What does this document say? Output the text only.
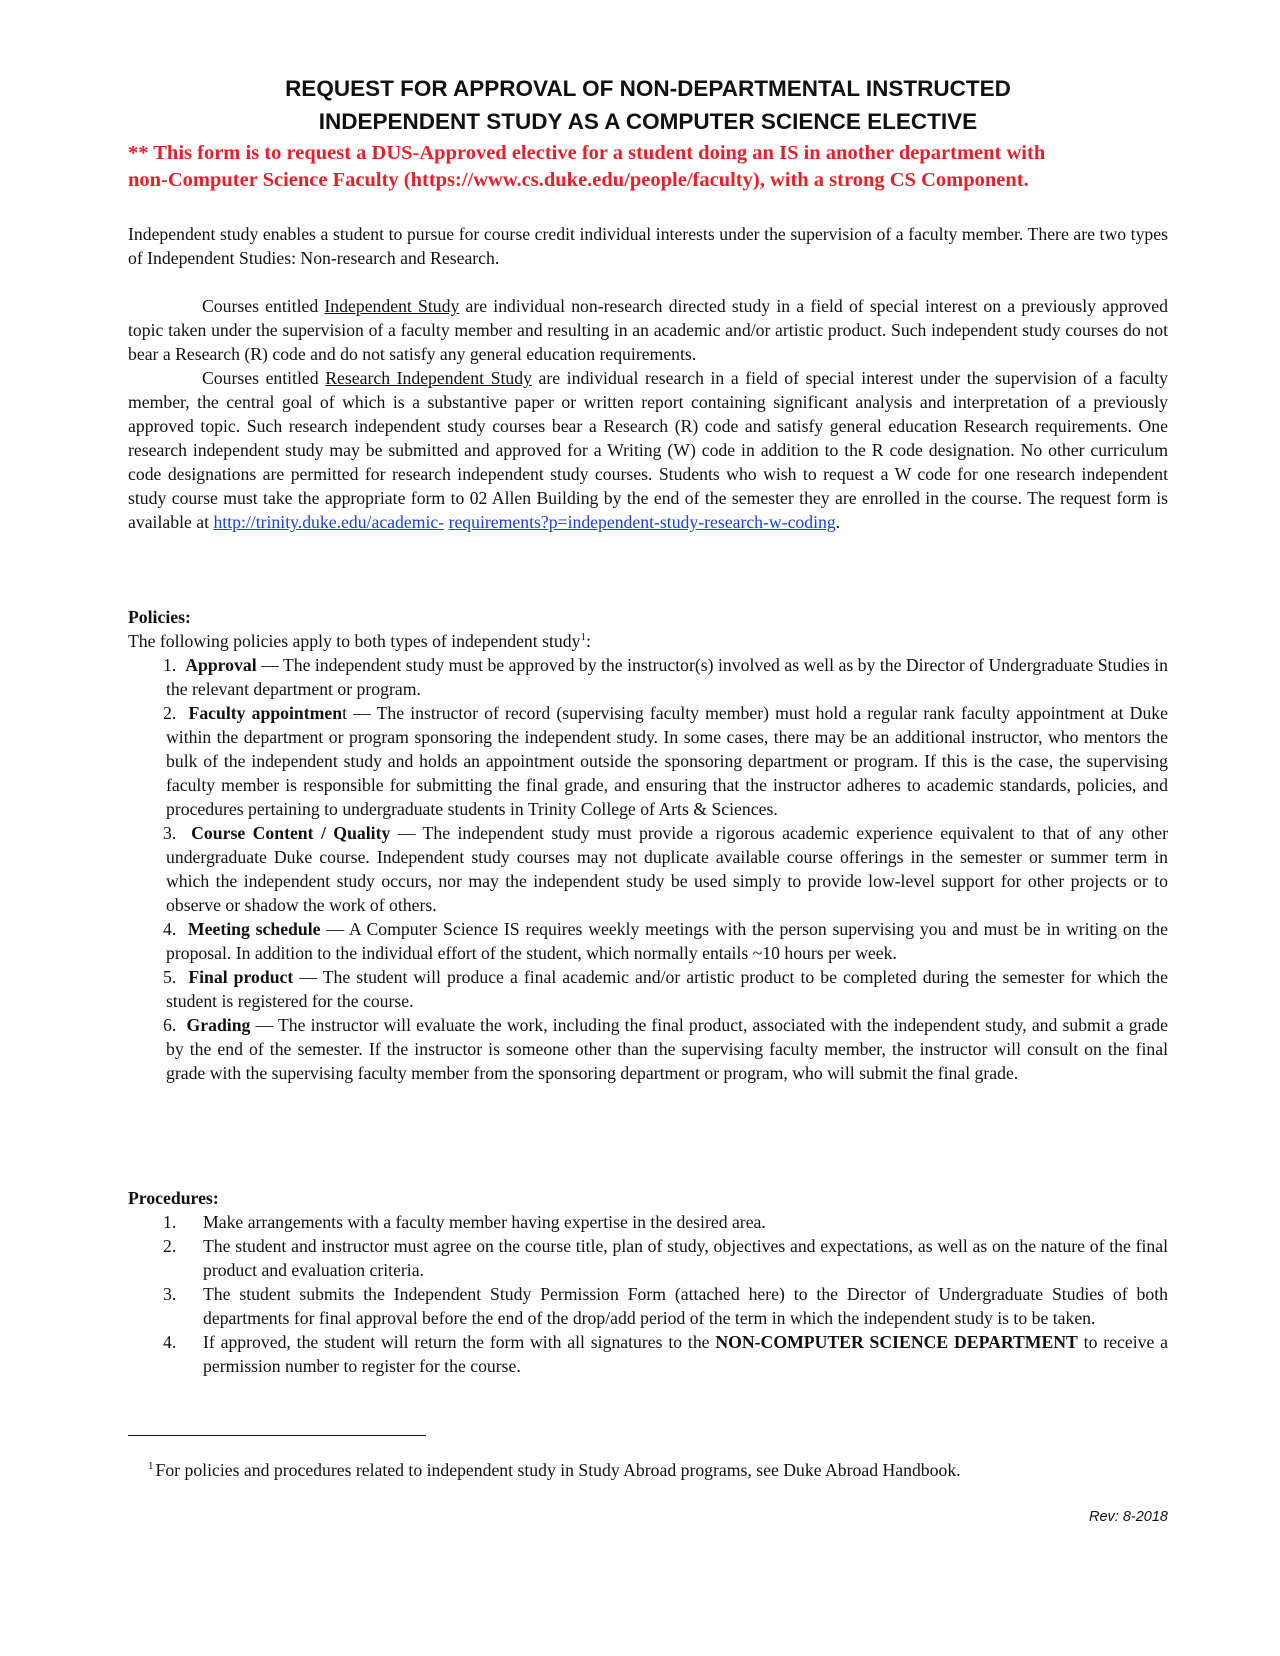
REQUEST FOR APPROVAL OF NON-DEPARTMENTAL INSTRUCTED
INDEPENDENT STUDY AS A COMPUTER SCIENCE ELECTIVE
** This form is to request a DUS-Approved elective for a student doing an IS in another department with
non-Computer Science Faculty (https://www.cs.duke.edu/people/faculty), with a strong CS Component.

Independent study enables a student to pursue for course credit individual interests under the supervision of a faculty member. There are two types of Independent Studies: Non-research and Research.

Courses entitled Independent Study are individual non-research directed study in a field of special interest on a previously approved topic taken under the supervision of a faculty member and resulting in an academic and/or artistic product. Such independent study courses do not bear a Research (R) code and do not satisfy any general education requirements.

Courses entitled Research Independent Study are individual research in a field of special interest under the supervision of a faculty member, the central goal of which is a substantive paper or written report containing significant analysis and interpretation of a previously approved topic. Such research independent study courses bear a Research (R) code and satisfy general education Research requirements. One research independent study may be submitted and approved for a Writing (W) code in addition to the R code designation. No other curriculum code designations are permitted for research independent study courses. Students who wish to request a W code for one research independent study course must take the appropriate form to 02 Allen Building by the end of the semester they are enrolled in the course. The request form is available at http://trinity.duke.edu/academic- requirements?p=independent-study-research-w-coding.

Policies:

The following policies apply to both types of independent study$^1$:

1. Approval — The independent study must be approved by the instructor(s) involved as well as by the Director of Undergraduate Studies in the relevant department or program.
2. Faculty appointment — The instructor of record (supervising faculty member) must hold a regular rank faculty appointment at Duke within the department or program sponsoring the independent study. In some cases, there may be an additional instructor, who mentors the bulk of the independent study and holds an appointment outside the sponsoring department or program. If this is the case, the supervising faculty member is responsible for submitting the final grade, and ensuring that the instructor adheres to academic standards, policies, and procedures pertaining to undergraduate students in Trinity College of Arts & Sciences.
3. Course Content / Quality — The independent study must provide a rigorous academic experience equivalent to that of any other undergraduate Duke course. Independent study courses may not duplicate available course offerings in the semester or summer term in which the independent study occurs, nor may the independent study be used simply to provide low-level support for other projects or to observe or shadow the work of others.
4. Meeting schedule — A Computer Science IS requires weekly meetings with the person supervising you and must be in writing on the proposal. In addition to the individual effort of the student, which normally entails ~10 hours per week.
5. Final product — The student will produce a final academic and/or artistic product to be completed during the semester for which the student is registered for the course.
6. Grading — The instructor will evaluate the work, including the final product, associated with the independent study, and submit a grade by the end of the semester. If the instructor is someone other than the supervising faculty member, the instructor will consult on the final grade with the supervising faculty member from the sponsoring department or program, who will submit the final grade.

Procedures:

1. Make arrangements with a faculty member having expertise in the desired area.
2. The student and instructor must agree on the course title, plan of study, objectives and expectations, as well as on the nature of the final product and evaluation criteria.
3. The student submits the Independent Study Permission Form (attached here) to the Director of Undergraduate Studies of both departments for final approval before the end of the drop/add period of the term in which the independent study is to be taken.
4. If approved, the student will return the form with all signatures to the NON-COMPUTER SCIENCE DEPARTMENT to receive a permission number to register for the course.
$^1$ For policies and procedures related to independent study in Study Abroad programs, see Duke Abroad Handbook.
Rev: 8-2018
